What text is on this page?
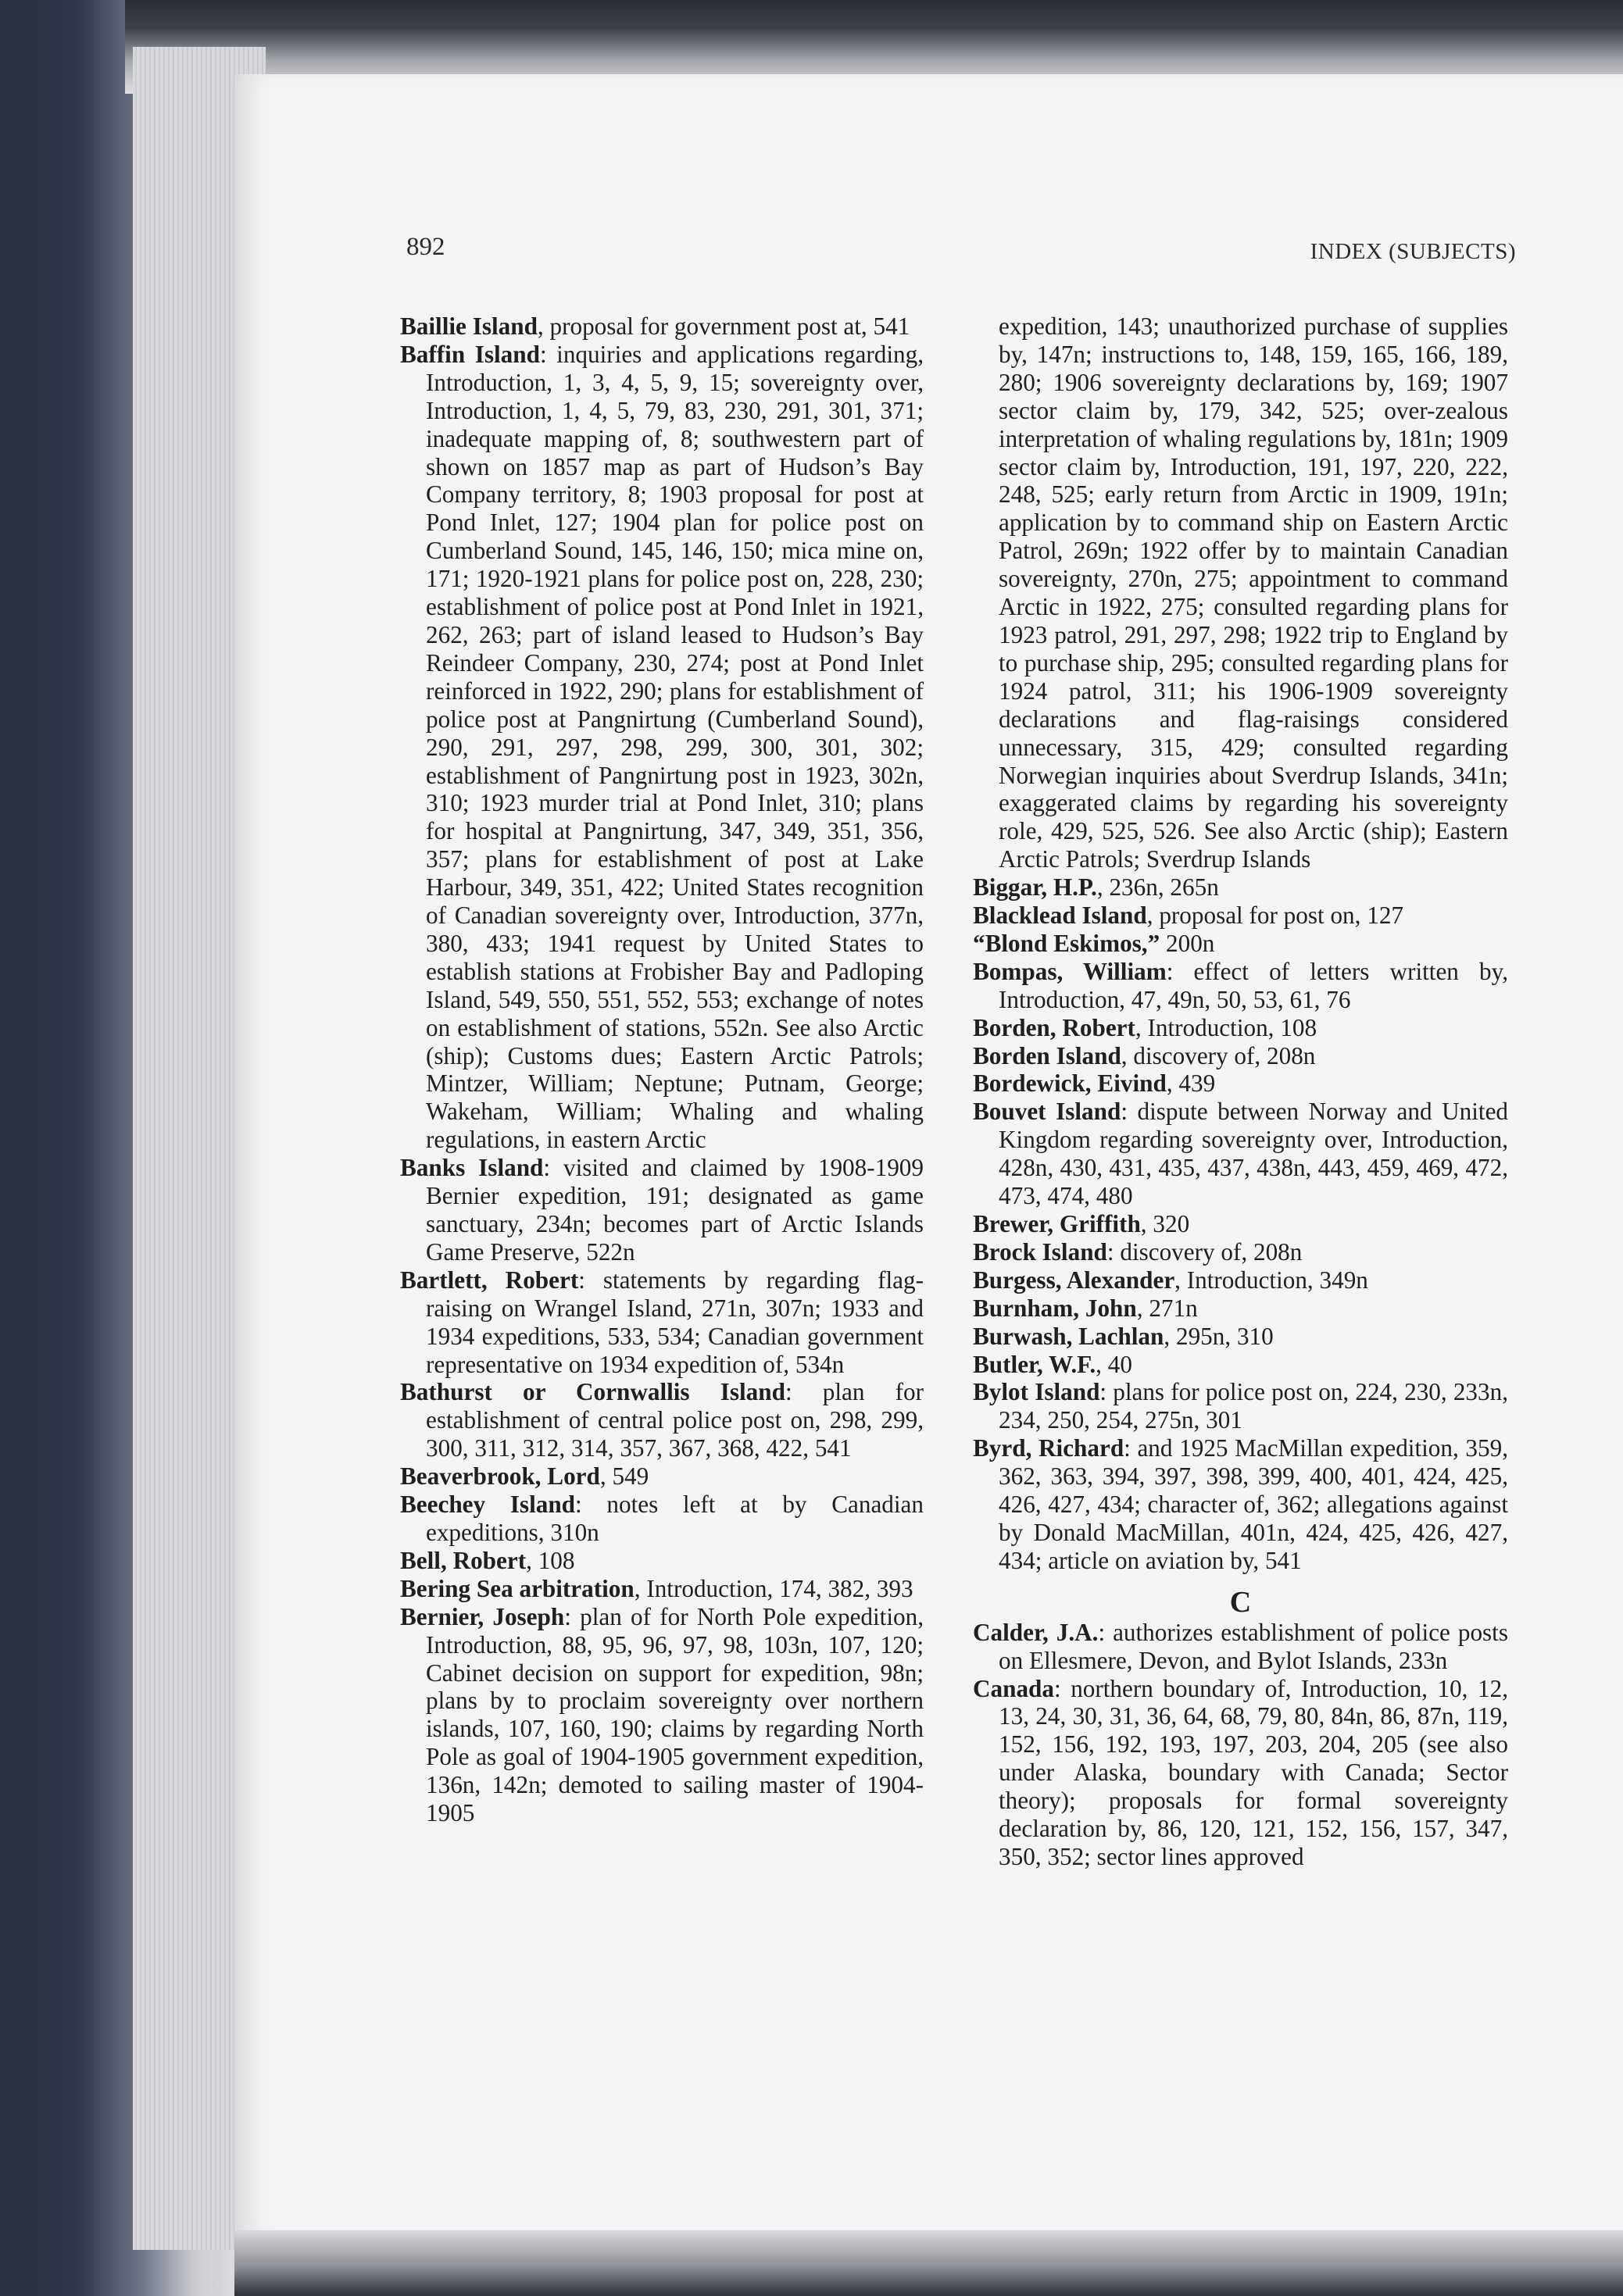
892	INDEX (SUBJECTS)

Baillie Island, proposal for government post at, 541

Baffin Island: inquiries and applications regarding, Introduction, 1, 3, 4, 5, 9, 15; sovereignty over, Introduction, 1, 4, 5, 79, 83, 230, 291, 301, 371; inadequate mapping of, 8; southwestern part of shown on 1857 map as part of Hudson’s Bay Company territory, 8; 1903 proposal for post at Pond Inlet, 127; 1904 plan for police post on Cumberland Sound, 145, 146, 150; mica mine on, 171; 1920-1921 plans for police post on, 228, 230; establishment of police post at Pond Inlet in 1921, 262, 263; part of island leased to Hudson’s Bay Reindeer Company, 230, 274; post at Pond Inlet reinforced in 1922, 290; plans for establishment of police post at Pangnirtung (Cumberland Sound), 290, 291, 297, 298, 299, 300, 301, 302; establishment of Pangnirtung post in 1923, 302n, 310; 1923 murder trial at Pond Inlet, 310; plans for hospital at Pangnirtung, 347, 349, 351, 356, 357; plans for establishment of post at Lake Harbour, 349, 351, 422; United States recognition of Canadian sovereignty over, Introduction, 377n, 380, 433; 1941 request by United States to establish stations at Frobisher Bay and Padloping Island, 549, 550, 551, 552, 553; exchange of notes on establishment of stations, 552n. See also Arctic (ship); Customs dues; Eastern Arctic Patrols; Mintzer, William; Neptune; Putnam, George; Wakeham, William; Whaling and whaling regulations, in eastern Arctic

Banks Island: visited and claimed by 1908-1909 Bernier expedition, 191; designated as game sanctuary, 234n; becomes part of Arctic Islands Game Preserve, 522n

Bartlett, Robert: statements by regarding flag-raising on Wrangel Island, 271n, 307n; 1933 and 1934 expeditions, 533, 534; Canadian government representative on 1934 expedition of, 534n

Bathurst or Cornwallis Island: plan for establishment of central police post on, 298, 299, 300, 311, 312, 314, 357, 367, 368, 422, 541

Beaverbrook, Lord, 549

Beechey Island: notes left at by Canadian expeditions, 310n

Bell, Robert, 108

Bering Sea arbitration, Introduction, 174, 382, 393

Bernier, Joseph: plan of for North Pole expedition, Introduction, 88, 95, 96, 97, 98, 103n, 107, 120; Cabinet decision on support for expedition, 98n; plans by to proclaim sovereignty over northern islands, 107, 160, 190; claims by regarding North Pole as goal of 1904-1905 government expedition, 136n, 142n; demoted to sailing master of 1904-1905

expedition, 143; unauthorized purchase of supplies by, 147n; instructions to, 148, 159, 165, 166, 189, 280; 1906 sovereignty declarations by, 169; 1907 sector claim by, 179, 342, 525; over-zealous interpretation of whaling regulations by, 181n; 1909 sector claim by, Introduction, 191, 197, 220, 222, 248, 525; early return from Arctic in 1909, 191n; application by to command ship on Eastern Arctic Patrol, 269n; 1922 offer by to maintain Canadian sovereignty, 270n, 275; appointment to command Arctic in 1922, 275; consulted regarding plans for 1923 patrol, 291, 297, 298; 1922 trip to England by to purchase ship, 295; consulted regarding plans for 1924 patrol, 311; his 1906-1909 sovereignty declarations and flag-raisings considered unnecessary, 315, 429; consulted regarding Norwegian inquiries about Sverdrup Islands, 341n; exaggerated claims by regarding his sovereignty role, 429, 525, 526. See also Arctic (ship); Eastern Arctic Patrols; Sverdrup Islands

Biggar, H.P., 236n, 265n

Blacklead Island, proposal for post on, 127

“Blond Eskimos,” 200n

Bompas, William: effect of letters written by, Introduction, 47, 49n, 50, 53, 61, 76

Borden, Robert, Introduction, 108

Borden Island, discovery of, 208n

Bordewick, Eivind, 439

Bouvet Island: dispute between Norway and United Kingdom regarding sovereignty over, Introduction, 428n, 430, 431, 435, 437, 438n, 443, 459, 469, 472, 473, 474, 480

Brewer, Griffith, 320

Brock Island: discovery of, 208n

Burgess, Alexander, Introduction, 349n

Burnham, John, 271n

Burwash, Lachlan, 295n, 310

Butler, W.F., 40

Bylot Island: plans for police post on, 224, 230, 233n, 234, 250, 254, 275n, 301

Byrd, Richard: and 1925 MacMillan expedition, 359, 362, 363, 394, 397, 398, 399, 400, 401, 424, 425, 426, 427, 434; character of, 362; allegations against by Donald MacMillan, 401n, 424, 425, 426, 427, 434; article on aviation by, 541

C

Calder, J.A.: authorizes establishment of police posts on Ellesmere, Devon, and Bylot Islands, 233n

Canada: northern boundary of, Introduction, 10, 12, 13, 24, 30, 31, 36, 64, 68, 79, 80, 84n, 86, 87n, 119, 152, 156, 192, 193, 197, 203, 204, 205 (see also under Alaska, boundary with Canada; Sector theory); proposals for formal sovereignty declaration by, 86, 120, 121, 152, 156, 157, 347, 350, 352; sector lines approved
